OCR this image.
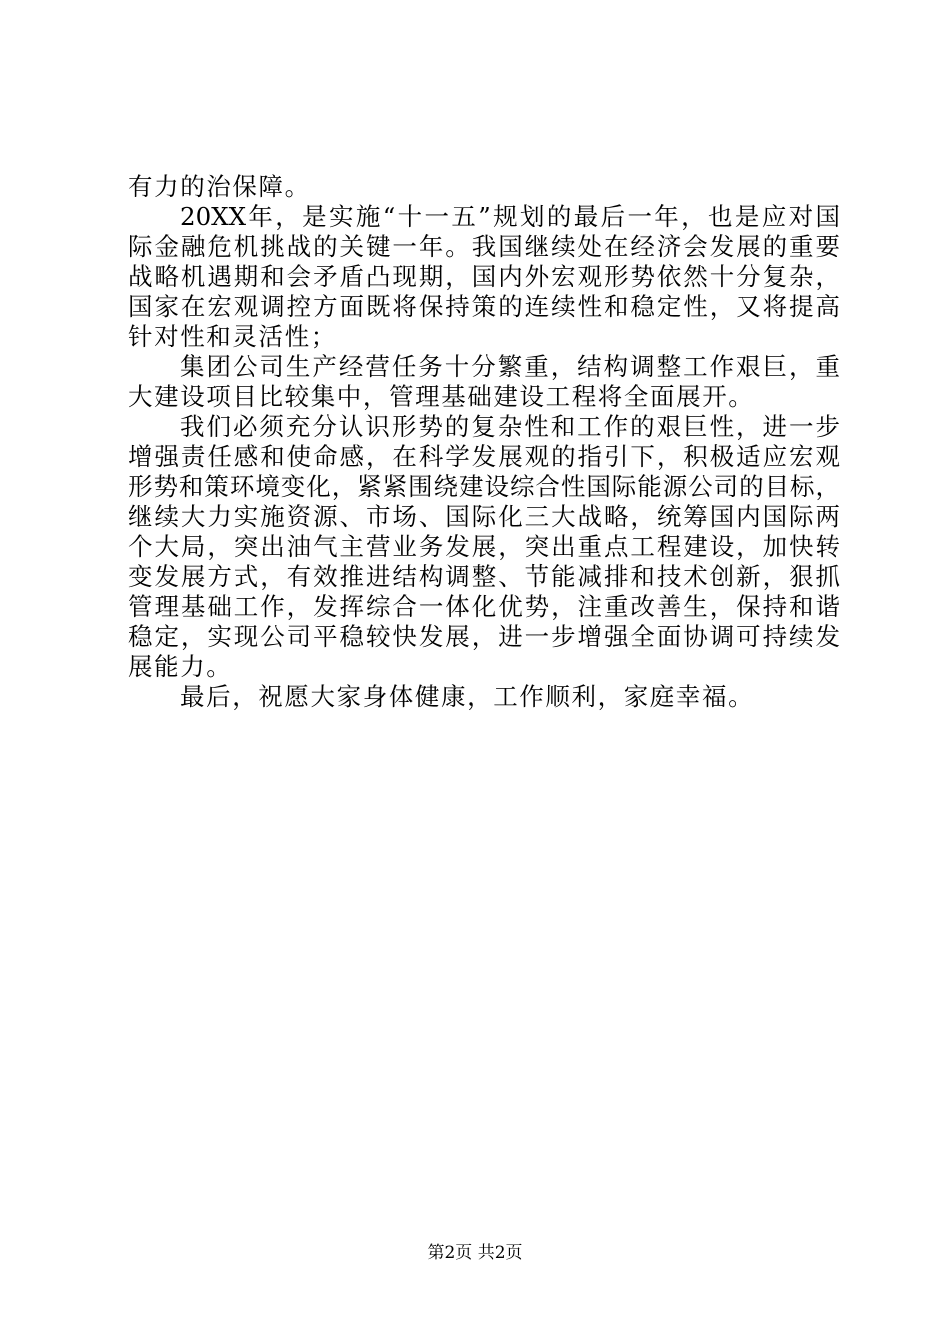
有力的治保障。
20XX年，是实施“十一五”规划的最后一年，也是应对国
际金融危机挑战的关键一年。我国继续处在经济会发展的重要
战略机遇期和会矛盾凸现期，国内外宏观形势依然十分复杂，
国家在宏观调控方面既将保持策的连续性和稳定性，又将提高
针对性和灵活性；
集团公司生产经营任务十分繁重，结构调整工作艰巨，重
大建设项目比较集中，管理基础建设工程将全面展开。
我们必须充分认识形势的复杂性和工作的艰巨性，进一步
增强责任感和使命感，在科学发展观的指引下，积极适应宏观
形势和策环境变化，紧紧围绕建设综合性国际能源公司的目标，
继续大力实施资源、市场、国际化三大战略，统筹国内国际两
个大局，突出油气主营业务发展，突出重点工程建设，加快转
变发展方式，有效推进结构调整、节能减排和技术创新，狠抓
管理基础工作，发挥综合一体化优势，注重改善生，保持和谐
稳定，实现公司平稳较快发展，进一步增强全面协调可持续发
展能力。
最后，祝愿大家身体健康，工作顺利，家庭幸福。
第2页 共2页
